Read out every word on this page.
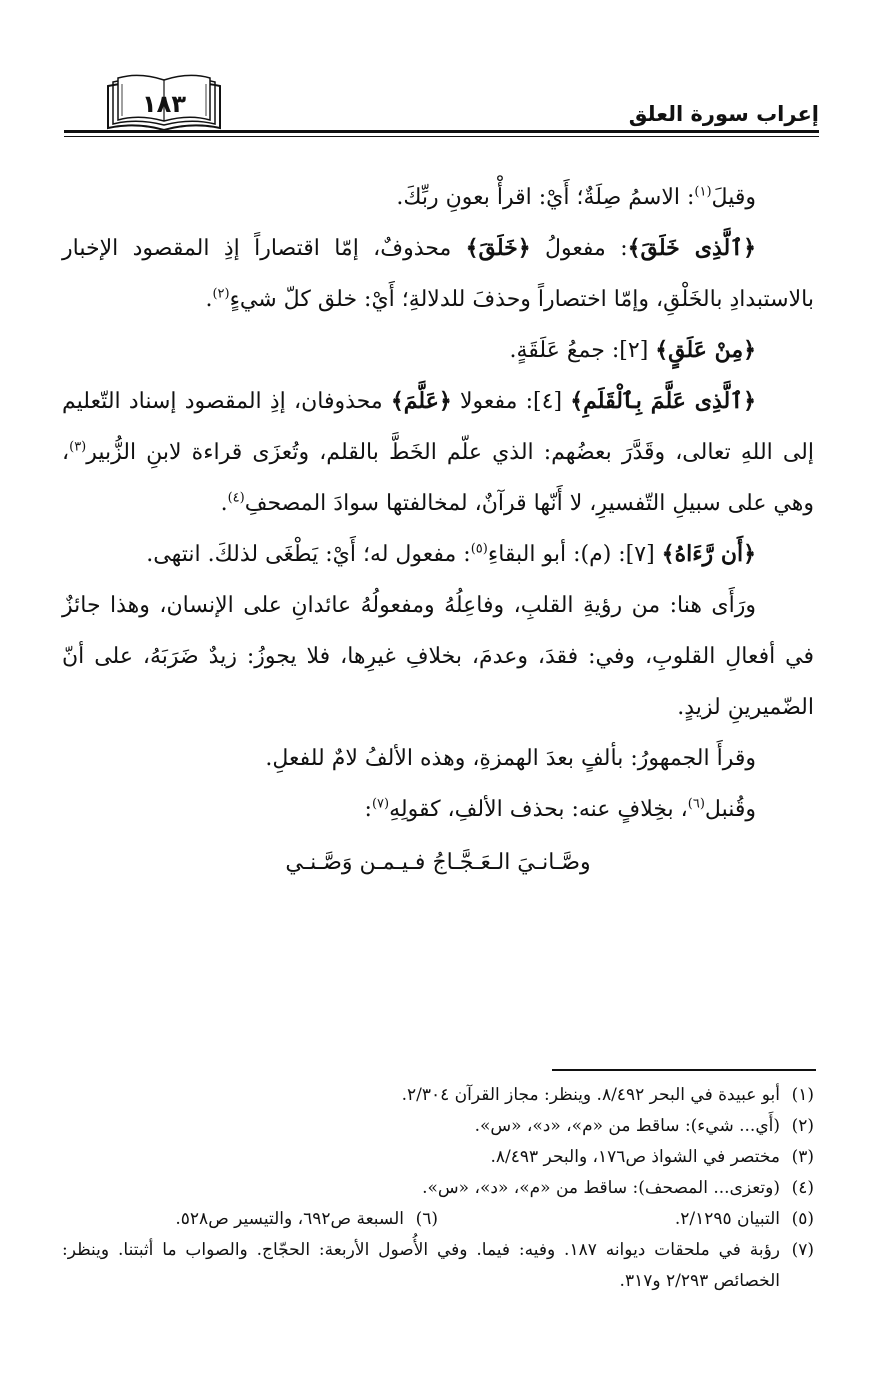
إعراب سورة العلق
١٨٣

وقيلَ$^{(١)}$: الاسمُ صِلَةٌ؛ أَيْ: اقرأْ بعونِ ربِّكَ.

﴿ٱلَّذِى خَلَقَ﴾: مفعولُ ﴿خَلَقَ﴾ محذوفٌ، إمّا اقتصاراً إذِ المقصود الإخبار بالاستبدادِ بالخَلْقِ، وإمّا اختصاراً وحذفَ للدلالةِ؛ أَيْ: خلق كلّ شيءٍ$^{(٢)}$.

﴿مِنْ عَلَقٍ﴾ [٢]: جمعُ عَلَقَةٍ.

﴿ٱلَّذِى عَلَّمَ بِٱلْقَلَمِ﴾ [٤]: مفعولا ﴿عَلَّمَ﴾ محذوفان، إذِ المقصود إسناد التّعليم إلى اللهِ تعالى، وقَدَّرَ بعضُهم: الذي علّم الخَطَّ بالقلم، وتُعزَى قراءة لابنِ الزُّبير$^{(٣)}$، وهي على سبيلِ التّفسيرِ، لا أَنّها قرآنٌ، لمخالفتها سوادَ المصحفِ$^{(٤)}$.

﴿أَن رَّءَاهُ﴾ [٧]: (م): أبو البقاءِ$^{(٥)}$: مفعول له؛ أَيْ: يَطْغَى لذلكَ. انتهى.

ورَأَى هنا: من رؤيةِ القلبِ، وفاعِلُهُ ومفعولُهُ عائدانِ على الإنسان، وهذا جائزٌ في أفعالِ القلوبِ، وفي: فقدَ، وعدمَ، بخلافِ غيرِها، فلا يجوزُ: زيدٌ ضَرَبَهُ، على أنّ الضّميرينِ لزيدٍ.

وقرأَ الجمهورُ: بألفٍ بعدَ الهمزةِ، وهذه الألفُ لامٌ للفعلِ.

وقُنبل$^{(٦)}$، بخِلافٍ عنه: بحذف الألفِ، كقولِهِ$^{(٧)}$:

وصَّـانـيَ الـعَـجَّـاجُ فـيـمـن وَصَّـنـي

(١)
أبو عبيدة في البحر ٨/٤٩٢. وينظر: مجاز القرآن ٢/٣٠٤.
(٢)
(أَي... شيء): ساقط من «م»، «د»، «س».
(٣)
مختصر في الشواذ ص١٧٦، والبحر ٨/٤٩٣.
(٤)
(وتعزى... المصحف): ساقط من «م»، «د»، «س».
(٥)
التبيان ٢/١٢٩٥.
(٦)
السبعة ص٦٩٢، والتيسير ص٥٢٨.
(٧)
رؤبة في ملحقات ديوانه ١٨٧. وفيه: فيما. وفي الأُصول الأربعة: الحجّاج. والصواب ما أثبتنا. وينظر: الخصائص ٢/٢٩٣ و٣١٧.
